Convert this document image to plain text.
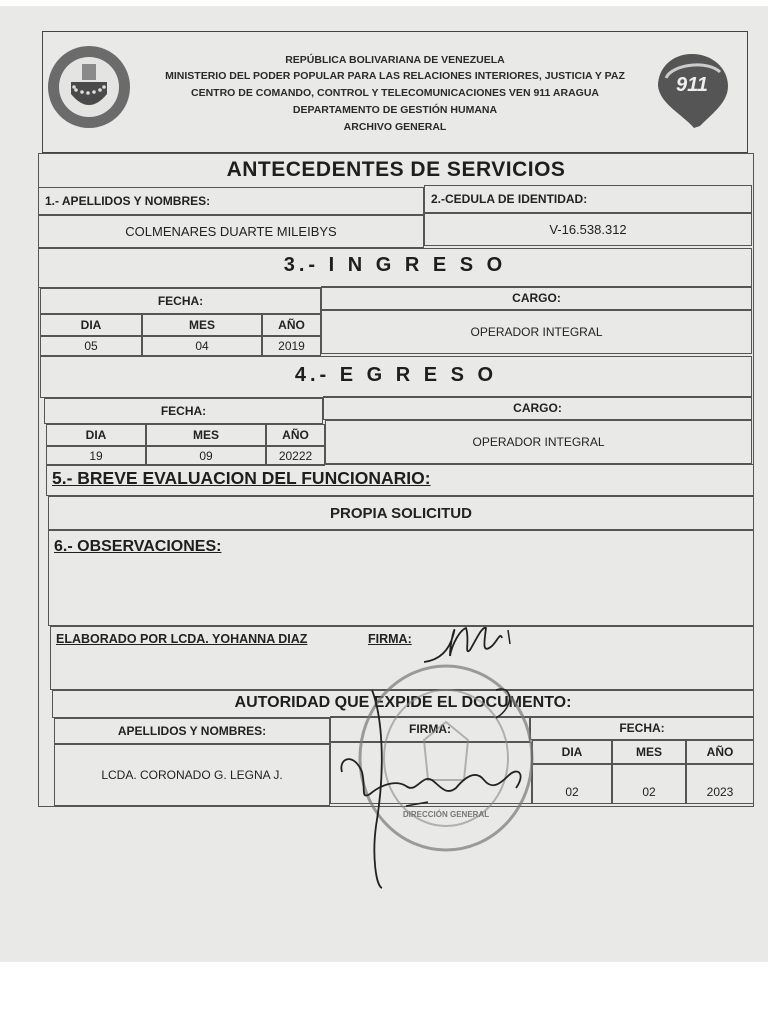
REPÚBLICA BOLIVARIANA DE VENEZUELA
MINISTERIO DEL PODER POPULAR PARA LAS RELACIONES INTERIORES, JUSTICIA Y PAZ
CENTRO DE COMANDO, CONTROL Y TELECOMUNICACIONES VEN 911 ARAGUA
DEPARTAMENTO DE GESTIÓN HUMANA
ARCHIVO GENERAL
911
ANTECEDENTES DE SERVICIOS
1.- APELLIDOS Y NOMBRES:	2.-CEDULA DE IDENTIDAD:
COLMENARES DUARTE MILEIBYS	V-16.538.312
3.- I N G R E S O
FECHA:	CARGO:
DIA	MES	AÑO
05	04	2019
OPERADOR INTEGRAL
4.- E G R E S O
FECHA:	CARGO:
DIA	MES	AÑO
19	09	20222
OPERADOR INTEGRAL
5.- BREVE EVALUACION DEL FUNCIONARIO:
PROPIA SOLICITUD
6.- OBSERVACIONES:
ELABORADO POR LCDA. YOHANNA DIAZ	FIRMA:
AUTORIDAD QUE EXPIDE EL DOCUMENTO:
APELLIDOS Y NOMBRES:	FIRMA:	FECHA:
DIA	MES	AÑO
LCDA. CORONADO G. LEGNA J.
02	02	2023
DIRECCIÓN GENERAL
